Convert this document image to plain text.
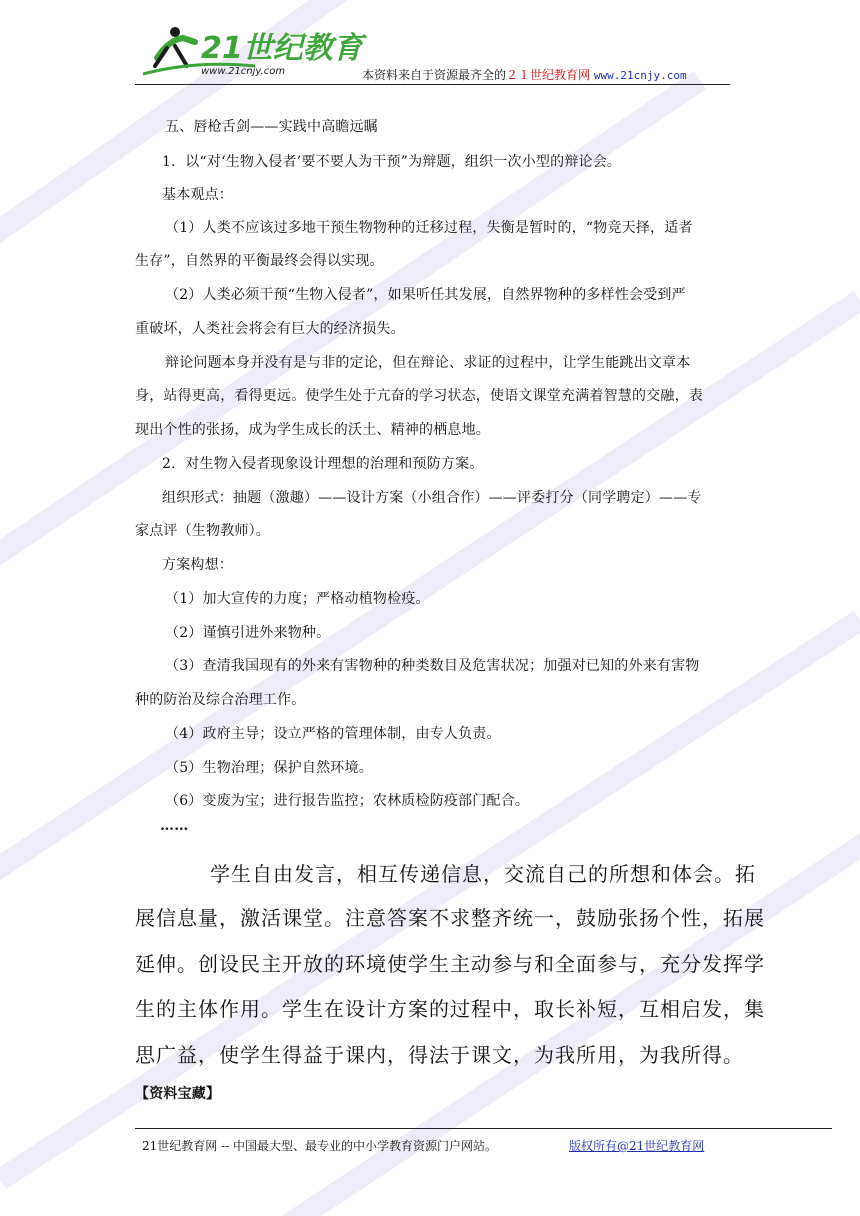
21世纪教育
www.21cnjy.com	本资料来自于资源最齐全的２１世纪教育网 www.21cnjy.com
五、唇枪舌剑——实践中高瞻远瞩
1．以“对‘生物入侵者’要不要人为干预”为辩题，组织一次小型的辩论会。
基本观点：
（1）人类不应该过多地干预生物物种的迁移过程，失衡是暂时的，“物竞天择，适者
生存”，自然界的平衡最终会得以实现。
（2）人类必须干预“生物入侵者”，如果听任其发展，自然界物种的多样性会受到严
重破坏，人类社会将会有巨大的经济损失。
辩论问题本身并没有是与非的定论，但在辩论、求证的过程中，让学生能跳出文章本
身，站得更高，看得更远。使学生处于亢奋的学习状态，使语文课堂充满着智慧的交融，表
现出个性的张扬，成为学生成长的沃土、精神的栖息地。
2．对生物入侵者现象设计理想的治理和预防方案。
组织形式：抽题（激趣）——设计方案（小组合作）——评委打分（同学聘定）——专
家点评（生物教师）。
方案构想：
（1）加大宣传的力度；严格动植物检疫。
（2）谨慎引进外来物种。
（3）查清我国现有的外来有害物种的种类数目及危害状况；加强对已知的外来有害物
种的防治及综合治理工作。
（4）政府主导；设立严格的管理体制，由专人负责。
（5）生物治理；保护自然环境。
（6）变废为宝；进行报告监控；农林质检防疫部门配合。
……
学生自由发言，相互传递信息，交流自己的所想和体会。拓
展信息量，激活课堂。注意答案不求整齐统一，鼓励张扬个性，拓展
延伸。创设民主开放的环境使学生主动参与和全面参与，充分发挥学
生的主体作用。学生在设计方案的过程中，取长补短，互相启发，集
思广益，使学生得益于课内，得法于课文，为我所用，为我所得。
【资料宝藏】
21世纪教育网 -- 中国最大型、最专业的中小学教育资源门户网站。	版权所有@21世纪教育网
